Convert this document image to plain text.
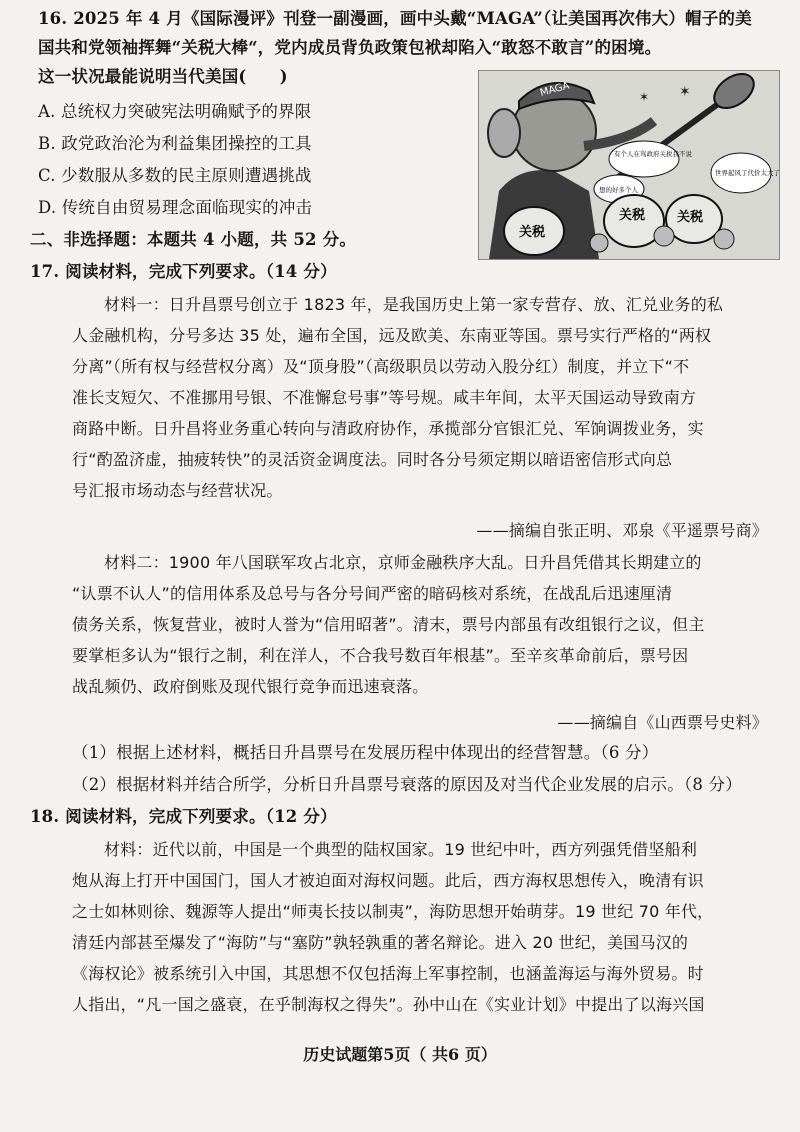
16. 2025 年 4 月《国际漫评》刊登一副漫画，画中头戴“MAGA”（让美国再次伟大）帽子的美
国共和党领袖挥舞“关税大棒“，党内成员背负政策包袱却陷入“敢怒不敢言”的困境。
这一状况最能说明当代美国(　　)
A. 总统权力突破宪法明确赋予的界限
B. 政党政治沦为利益集团操控的工具
C. 少数服从多数的民主原则遭遇挑战
D. 传统自由贸易理念面临现实的冲击
MAGA	✶
✶
有个人在骂政府关税我不说
想的好多个人
世界起风了代价太大了
关税
关税 关税
二、非选择题：本题共 4 小题，共 52 分。
17. 阅读材料，完成下列要求。（14 分）
材料一：日升昌票号创立于 1823 年，是我国历史上第一家专营存、放、汇兑业务的私
人金融机构，分号多达 35 处，遍布全国，远及欧美、东南亚等国。票号实行严格的“两权
分离”（所有权与经营权分离）及“顶身股”（高级职员以劳动入股分红）制度，并立下“不
准长支短欠、不准挪用号银、不准懈怠号事”等号规。咸丰年间，太平天国运动导致南方
商路中断。日升昌将业务重心转向与清政府协作，承揽部分官银汇兑、军饷调拨业务，实
行“酌盈济虚，抽疲转快”的灵活资金调度法。同时各分号须定期以暗语密信形式向总
号汇报市场动态与经营状况。
——摘编自张正明、邓泉《平遥票号商》
材料二：1900 年八国联军攻占北京，京师金融秩序大乱。日升昌凭借其长期建立的
“认票不认人”的信用体系及总号与各分号间严密的暗码核对系统，在战乱后迅速厘清
债务关系，恢复营业，被时人誉为“信用昭著”。清末，票号内部虽有改组银行之议，但主
要掌柜多认为“银行之制，利在洋人，不合我号数百年根基”。至辛亥革命前后，票号因
战乱频仍、政府倒账及现代银行竞争而迅速衰落。
——摘编自《山西票号史料》
（1）根据上述材料，概括日升昌票号在发展历程中体现出的经营智慧。（6 分）
（2）根据材料并结合所学，分析日升昌票号衰落的原因及对当代企业发展的启示。（8 分）
18. 阅读材料，完成下列要求。（12 分）
材料：近代以前，中国是一个典型的陆权国家。19 世纪中叶，西方列强凭借坚船利
炮从海上打开中国国门，国人才被迫面对海权问题。此后，西方海权思想传入，晚清有识
之士如林则徐、魏源等人提出“师夷长技以制夷”，海防思想开始萌芽。19 世纪 70 年代，
清廷内部甚至爆发了“海防”与“塞防”孰轻孰重的著名辩论。进入 20 世纪，美国马汉的
《海权论》被系统引入中国，其思想不仅包括海上军事控制，也涵盖海运与海外贸易。时
人指出，“凡一国之盛衰，在乎制海权之得失”。孙中山在《实业计划》中提出了以海兴国
历史试题第5页（ 共6 页）
